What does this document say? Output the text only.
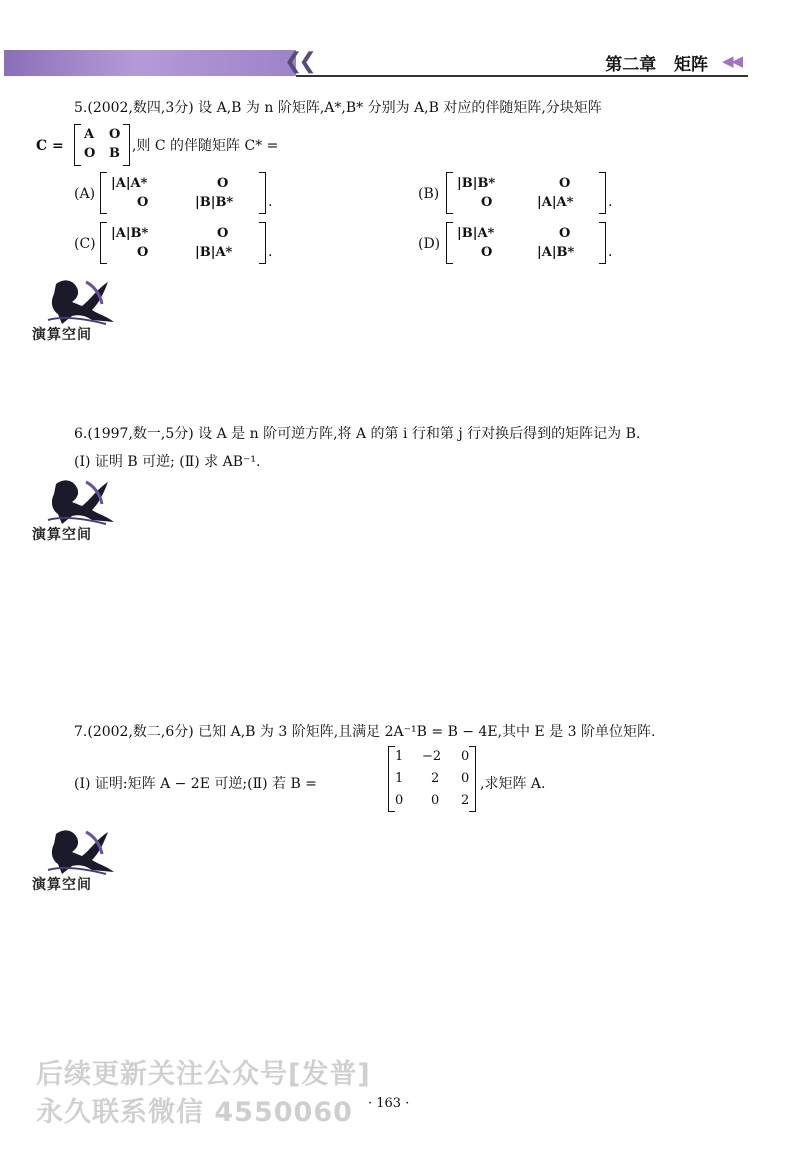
❮❮	第二章 矩阵 ◀◀
5.(2002,数四,3分) 设 A,B 为 n 阶矩阵,A*,B* 分别为 A,B 对应的伴随矩阵,分块矩阵
C =
A O
O B ,则 C 的伴随矩阵 C* =
(A)
|A|A*	O
O	|B|B* .	(B)
|B|B*	O
O	|A|A* .
(C)
|A|B*	O
O	|B|A*	.	(D)
|B|A*	O
O	|A|B* .
演算空间
6.(1997,数一,5分) 设 A 是 n 阶可逆方阵,将 A 的第 i 行和第 j 行对换后得到的矩阵记为 B.
(Ⅰ) 证明 B 可逆; (Ⅱ) 求 AB⁻¹.
演算空间
7.(2002,数二,6分) 已知 A,B 为 3 阶矩阵,且满足 2A⁻¹B = B − 4E,其中 E 是 3 阶单位矩阵.
(Ⅰ) 证明:矩阵 A − 2E 可逆;(Ⅱ) 若 B =
1 −2 0
1 2 0
0 0 2
,求矩阵 A.
演算空间
后续更新关注公众号[发普]
永久联系微信 4550060 · 163 ·
